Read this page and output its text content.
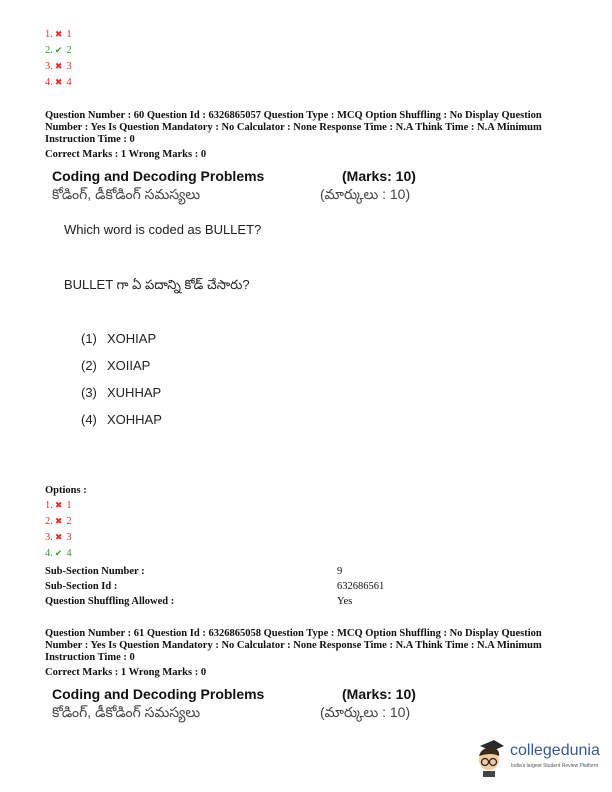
1. ✖ 1
2. ✔ 2
3. ✖ 3
4. ✖ 4
Question Number : 60 Question Id : 6326865057 Question Type : MCQ Option Shuffling : No Display Question Number : Yes Is Question Mandatory : No Calculator : None Response Time : N.A Think Time : N.A Minimum Instruction Time : 0
Correct Marks : 1 Wrong Marks : 0
Coding and Decoding Problems	(Marks: 10)
కోడింగ్, డీకోడింగ్ సమస్యలు	(మార్కులు : 10)
Which word is coded as BULLET?
BULLET గా ఏ పదాన్ని కోడ్ చేసారు?
(1) XOHIAP
(2) XOIIAP
(3) XUHHAP
(4) XOHHAP
Options :
1. ✖ 1
2. ✖ 2
3. ✖ 3
4. ✔ 4
Sub-Section Number :	9
Sub-Section Id :	632686561
Question Shuffling Allowed :	Yes
Question Number : 61 Question Id : 6326865058 Question Type : MCQ Option Shuffling : No Display Question Number : Yes Is Question Mandatory : No Calculator : None Response Time : N.A Think Time : N.A Minimum Instruction Time : 0
Correct Marks : 1 Wrong Marks : 0
Coding and Decoding Problems	(Marks: 10)
కోడింగ్, డీకోడింగ్ సమస్యలు	(మార్కులు : 10)
collegedunia
India's largest Student Review Platform
